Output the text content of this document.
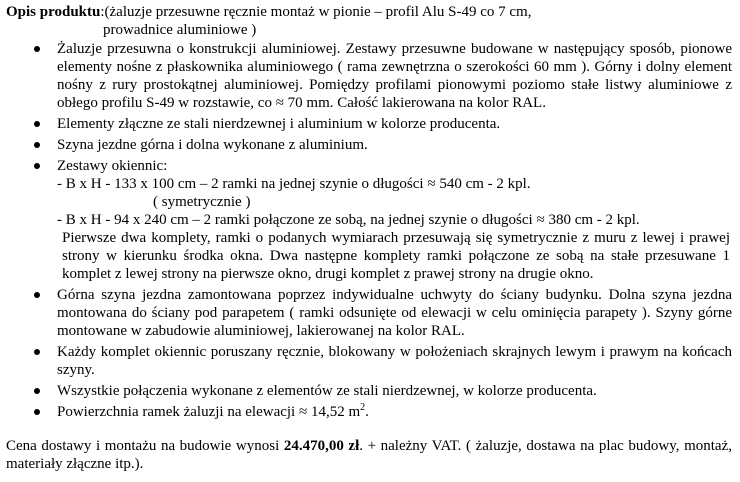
Opis produktu:(żaluzje przesuwne ręcznie montaż w pionie – profil Alu S-49 co 7 cm,
prowadnice aluminiowe )
Żaluzje przesuwna o konstrukcji aluminiowej. Zestawy przesuwne budowane w następujący sposób, pionowe elementy nośne z płaskownika aluminiowego ( rama zewnętrzna o szerokości 60 mm ). Górny i dolny element nośny z rury prostokątnej aluminiowej. Pomiędzy profilami pionowymi poziomo stałe listwy aluminiowe z obłego profilu S-49 w rozstawie, co ≈ 70 mm. Całość lakierowana na kolor RAL.
Elementy złączne ze stali nierdzewnej i aluminium w kolorze producenta.
Szyna jezdne górna i dolna wykonane z aluminium.
Zestawy okiennic:
- B x H - 133 x 100 cm – 2 ramki na jednej szynie o długości ≈ 540 cm - 2 kpl.
( symetrycznie )
- B x H - 94 x 240 cm – 2 ramki połączone ze sobą, na jednej szynie o długości ≈ 380 cm - 2 kpl.
Pierwsze dwa komplety, ramki o podanych wymiarach przesuwają się symetrycznie z muru z lewej i prawej strony w kierunku środka okna. Dwa następne komplety ramki połączone ze sobą na stałe przesuwane 1 komplet z lewej strony na pierwsze okno, drugi komplet z prawej strony na drugie okno.
Górna szyna jezdna zamontowana poprzez indywidualne uchwyty do ściany budynku. Dolna szyna jezdna montowana do ściany pod parapetem ( ramki odsunięte od elewacji w celu ominięcia parapety ). Szyny górne montowane w zabudowie aluminiowej, lakierowanej na kolor RAL.
Każdy komplet okiennic poruszany ręcznie, blokowany w położeniach skrajnych lewym i prawym na końcach szyny.
Wszystkie połączenia wykonane z elementów ze stali nierdzewnej, w kolorze producenta.
Powierzchnia ramek żaluzji na elewacji ≈ 14,52 $m^2$.
Cena dostawy i montażu na budowie wynosi 24.470,00 zł. + należny VAT. ( żaluzje, dostawa na plac budowy, montaż, materiały złączne itp.).
